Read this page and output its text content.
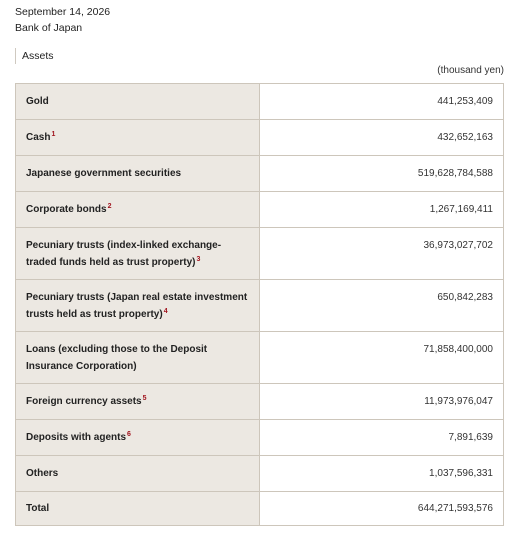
September 14, 2026
Bank of Japan
Assets
(thousand yen)
Gold	441,253,409
Cash$^1$	432,652,163
Japanese government securities	519,628,784,588
Corporate bonds$^2$	1,267,169,411
Pecuniary trusts (index-linked exchange-traded funds held as trust property)$^3$	36,973,027,702
Pecuniary trusts (Japan real estate investment trusts held as trust property)$^4$	650,842,283
Loans (excluding those to the Deposit Insurance Corporation)	71,858,400,000
Foreign currency assets$^5$	11,973,976,047
Deposits with agents$^6$	7,891,639
Others	1,037,596,331
Total	644,271,593,576
